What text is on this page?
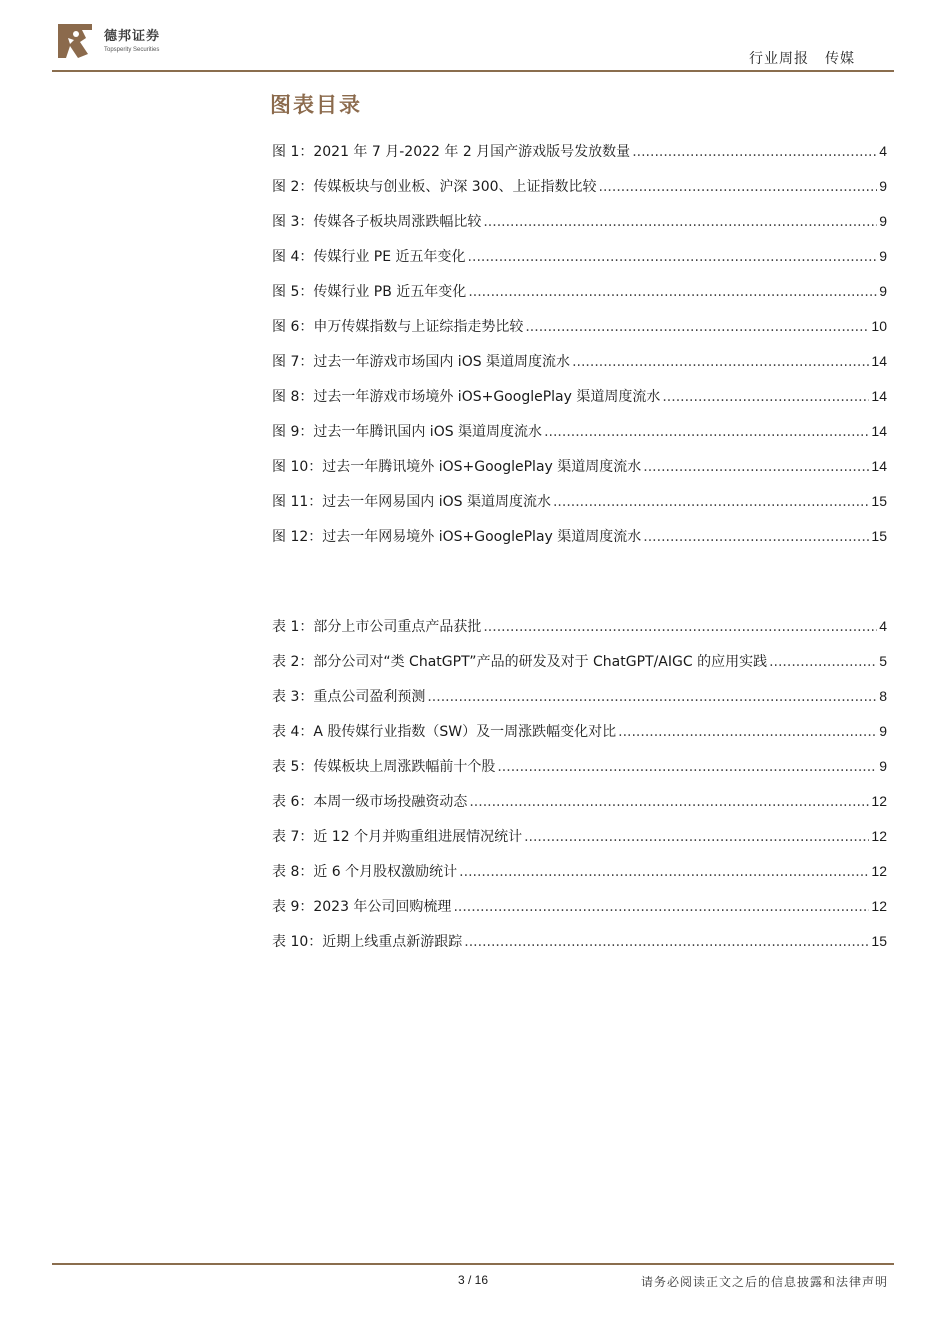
德邦证券
Topsperity Securities
行业周报 传媒
图表目录
图 1：2021 年 7 月-2022 年 2 月国产游戏版号发放数量 .....	4
图 2：传媒板块与创业板、沪深 300、上证指数比较 .....	9
图 3：传媒各子板块周涨跌幅比较 .....	9
图 4：传媒行业 PE 近五年变化 .....	9
图 5：传媒行业 PB 近五年变化 .....	9
图 6：申万传媒指数与上证综指走势比较 .....	10
图 7：过去一年游戏市场国内 iOS 渠道周度流水 .....	14
图 8：过去一年游戏市场境外 iOS+GooglePlay 渠道周度流水 .....	14
图 9：过去一年腾讯国内 iOS 渠道周度流水 .....	14
图 10：过去一年腾讯境外 iOS+GooglePlay 渠道周度流水 .....	14
图 11：过去一年网易国内 iOS 渠道周度流水 .....	15
图 12：过去一年网易境外 iOS+GooglePlay 渠道周度流水 .....	15
表 1：部分上市公司重点产品获批 .....	4
表 2：部分公司对“类 ChatGPT”产品的研发及对于 ChatGPT/AIGC 的应用实践 .....	5
表 3：重点公司盈利预测 .....	8
表 4：A 股传媒行业指数（SW）及一周涨跌幅变化对比 .....	9
表 5：传媒板块上周涨跌幅前十个股 .....	9
表 6：本周一级市场投融资动态 .....	12
表 7：近 12 个月并购重组进展情况统计 .....	12
表 8：近 6 个月股权激励统计 .....	12
表 9：2023 年公司回购梳理 .....	12
表 10：近期上线重点新游跟踪 .....	15
3 / 16	请务必阅读正文之后的信息披露和法律声明
